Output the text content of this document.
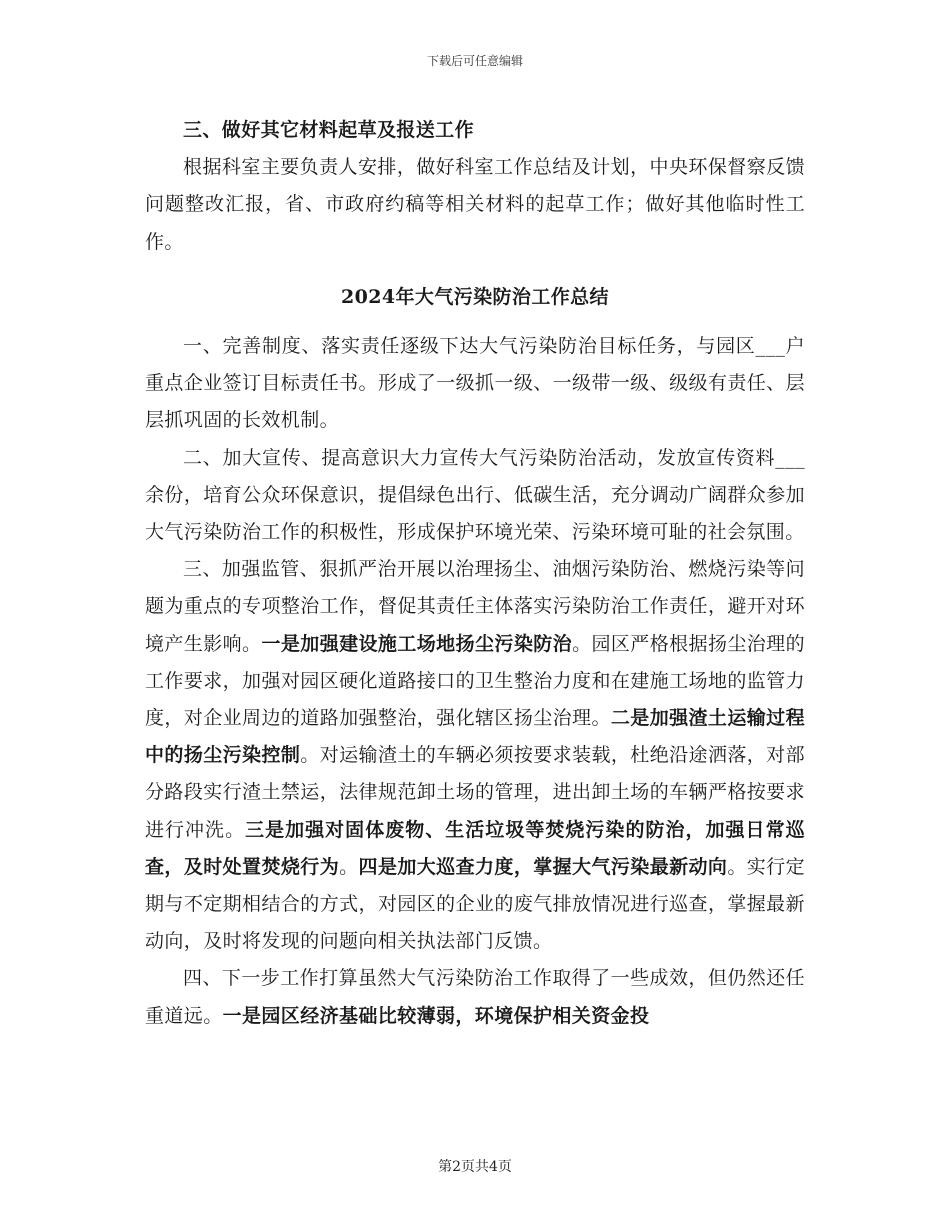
下载后可任意编辑

三、做好其它材料起草及报送工作

根据科室主要负责人安排，做好科室工作总结及计划，中央环保督察反馈问题整改汇报，省、市政府约稿等相关材料的起草工作；做好其他临时性工作。

2024年大气污染防治工作总结

一、完善制度、落实责任逐级下达大气污染防治目标任务，与园区___户重点企业签订目标责任书。形成了一级抓一级、一级带一级、级级有责任、层层抓巩固的长效机制。

二、加大宣传、提高意识大力宣传大气污染防治活动，发放宣传资料___余份，培育公众环保意识，提倡绿色出行、低碳生活，充分调动广阔群众参加大气污染防治工作的积极性，形成保护环境光荣、污染环境可耻的社会氛围。

三、加强监管、狠抓严治开展以治理扬尘、油烟污染防治、燃烧污染等问题为重点的专项整治工作，督促其责任主体落实污染防治工作责任，避开对环境产生影响。一是加强建设施工场地扬尘污染防治。园区严格根据扬尘治理的工作要求，加强对园区硬化道路接口的卫生整治力度和在建施工场地的监管力度，对企业周边的道路加强整治，强化辖区扬尘治理。二是加强渣土运输过程中的扬尘污染控制。对运输渣土的车辆必须按要求装载，杜绝沿途洒落，对部分路段实行渣土禁运，法律规范卸土场的管理，进出卸土场的车辆严格按要求进行冲洗。三是加强对固体废物、生活垃圾等焚烧污染的防治，加强日常巡查，及时处置焚烧行为。四是加大巡查力度，掌握大气污染最新动向。实行定期与不定期相结合的方式，对园区的企业的废气排放情况进行巡查，掌握最新动向，及时将发现的问题向相关执法部门反馈。

四、下一步工作打算虽然大气污染防治工作取得了一些成效，但仍然还任重道远。一是园区经济基础比较薄弱，环境保护相关资金投

第2页共4页
